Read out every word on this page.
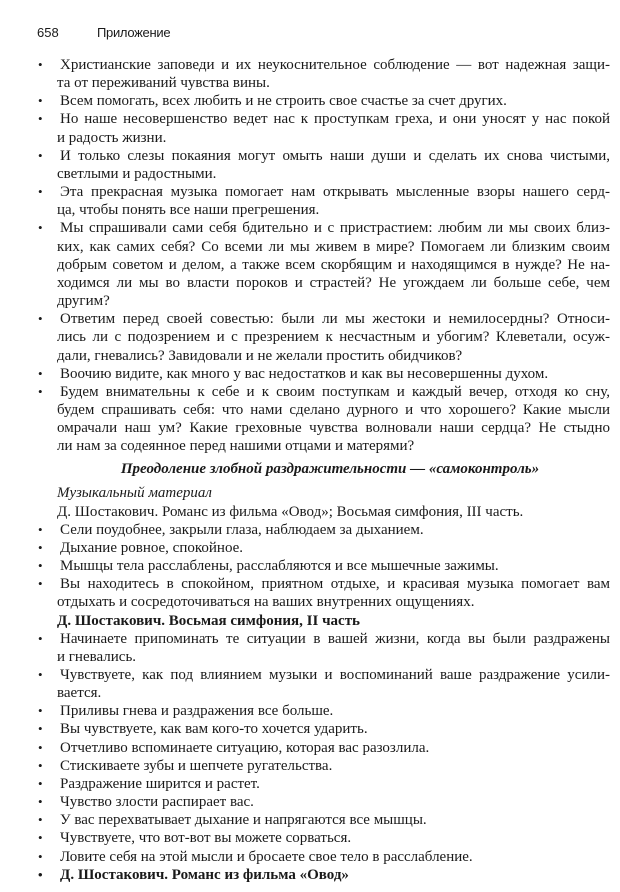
658	Приложение
• Христианские заповеди и их неукоснительное соблюдение — вот надежная защи-
та от переживаний чувства вины.
• Всем помогать, всех любить и не строить свое счастье за счет других.
• Но наше несовершенство ведет нас к проступкам греха, и они уносят у нас покой
и радость жизни.
• И только слезы покаяния могут омыть наши души и сделать их снова чистыми,
светлыми и радостными.
• Эта прекрасная музыка помогает нам открывать мысленные взоры нашего серд-
ца, чтобы понять все наши прегрешения.
• Мы спрашивали сами себя бдительно и с пристрастием: любим ли мы своих близ-
ких, как самих себя? Со всеми ли мы живем в мире? Помогаем ли близким своим
добрым советом и делом, а также всем скорбящим и находящимся в нужде? Не на-
ходимся ли мы во власти пороков и страстей? Не угождаем ли больше себе, чем
другим?
• Ответим перед своей совестью: были ли мы жестоки и немилосердны? Относи-
лись ли с подозрением и с презрением к несчастным и убогим? Клеветали, осуж-
дали, гневались? Завидовали и не желали простить обидчиков?
• Воочию видите, как много у вас недостатков и как вы несовершенны духом.
• Будем внимательны к себе и к своим поступкам и каждый вечер, отходя ко сну,
будем спрашивать себя: что нами сделано дурного и что хорошего? Какие мысли
омрачали наш ум? Какие греховные чувства волновали наши сердца? Не стыдно
ли нам за содеянное перед нашими отцами и матерями?
Преодоление злобной раздражительности — «самоконтроль»
Музыкальный материал
Д. Шостакович. Романс из фильма «Овод»; Восьмая симфония, III часть.
• Сели поудобнее, закрыли глаза, наблюдаем за дыханием.
• Дыхание ровное, спокойное.
• Мышцы тела расслаблены, расслабляются и все мышечные зажимы.
• Вы находитесь в спокойном, приятном отдыхе, и красивая музыка помогает вам
отдыхать и сосредоточиваться на ваших внутренних ощущениях.
Д. Шостакович. Восьмая симфония, II часть
• Начинаете припоминать те ситуации в вашей жизни, когда вы были раздражены
и гневались.
• Чувствуете, как под влиянием музыки и воспоминаний ваше раздражение усили-
вается.
• Приливы гнева и раздражения все больше.
• Вы чувствуете, как вам кого-то хочется ударить.
• Отчетливо вспоминаете ситуацию, которая вас разозлила.
• Стискиваете зубы и шепчете ругательства.
• Раздражение ширится и растет.
• Чувство злости распирает вас.
• У вас перехватывает дыхание и напрягаются все мышцы.
• Чувствуете, что вот-вот вы можете сорваться.
• Ловите себя на этой мысли и бросаете свое тело в расслабление.
• Д. Шостакович. Романс из фильма «Овод»
